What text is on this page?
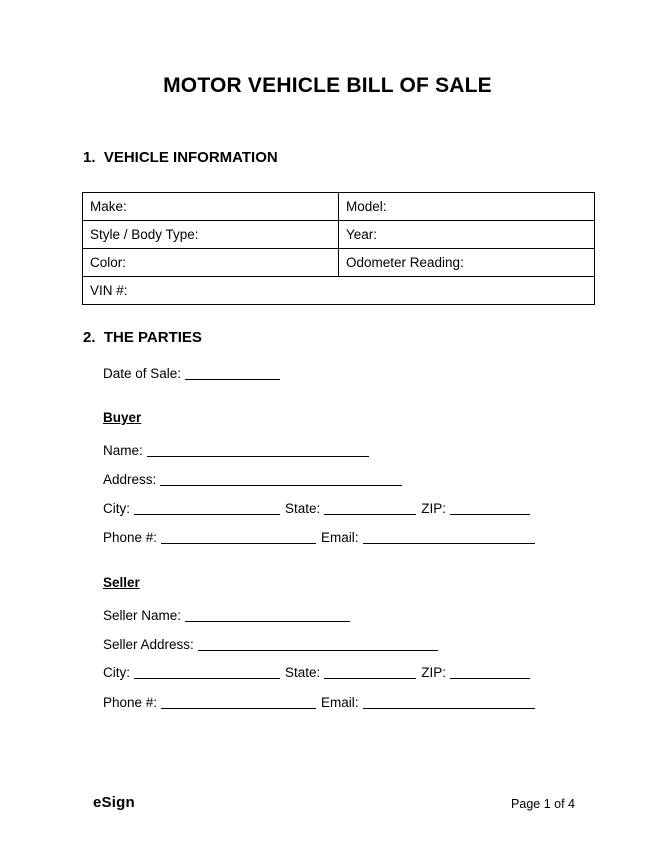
MOTOR VEHICLE BILL OF SALE
1.  VEHICLE INFORMATION
Make:	Model:
Style / Body Type:	Year:
Color:	Odometer Reading:
VIN #:	
2.  THE PARTIES
Date of Sale:
Buyer
Name:
Address:
City:	State:	ZIP:
Phone #:	Email:
Seller
Seller Name:
Seller Address:
City:	State:	ZIP:
Phone #:	Email:
eSign	Page 1 of 4
